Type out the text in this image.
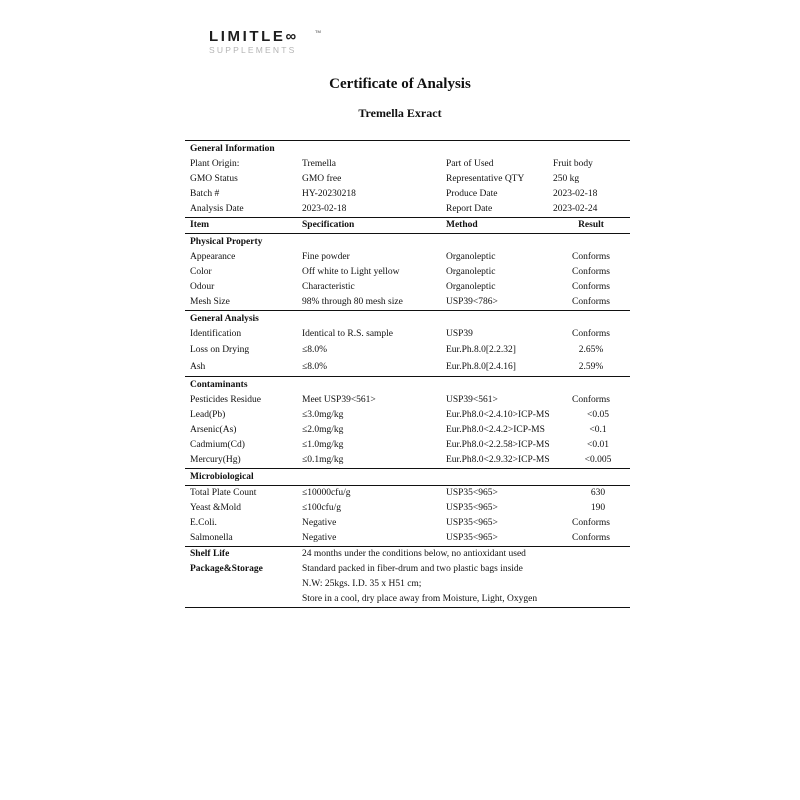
LIMITLE∞
SUPPLEMENTS
TM
Certificate of Analysis
Tremella Exract
General Information
Plant Origin:	Tremella	Part of Used	Fruit body
GMO Status	GMO free	Representative QTY	250 kg
Batch #	HY-20230218	Produce Date	2023-02-18
Analysis Date	2023-02-18	Report Date	2023-02-24
Item	Specification	Method	Result
Physical Property
Appearance	Fine powder	Organoleptic	Conforms
Color	Off white to Light yellow	Organoleptic	Conforms
Odour	Characteristic	Organoleptic	Conforms
Mesh Size	98% through 80 mesh size	USP39<786>	Conforms
General Analysis
Identification	Identical to R.S. sample	USP39	Conforms
Loss on Drying	≤8.0%	Eur.Ph.8.0[2.2.32]	2.65%
Ash	≤8.0%	Eur.Ph.8.0[2.4.16]	2.59%
Contaminants
Pesticides Residue	Meet USP39<561>	USP39<561>	Conforms
Lead(Pb)	≤3.0mg/kg	Eur.Ph8.0<2.4.10>ICP-MS	<0.05
Arsenic(As)	≤2.0mg/kg	Eur.Ph8.0<2.4.2>ICP-MS	<0.1
Cadmium(Cd)	≤1.0mg/kg	Eur.Ph8.0<2.2.58>ICP-MS	<0.01
Mercury(Hg)	≤0.1mg/kg	Eur.Ph8.0<2.9.32>ICP-MS	<0.005
Microbiological
Total Plate Count	≤10000cfu/g	USP35<965>	630
Yeast &Mold	≤100cfu/g	USP35<965>	190
E.Coli.	Negative	USP35<965>	Conforms
Salmonella	Negative	USP35<965>	Conforms
Shelf Life	24 months under the conditions below, no antioxidant used
Package&Storage	Standard packed in fiber-drum and two plastic bags inside
N.W: 25kgs. I.D. 35 x H51 cm;
Store in a cool, dry place away from Moisture, Light, Oxygen
